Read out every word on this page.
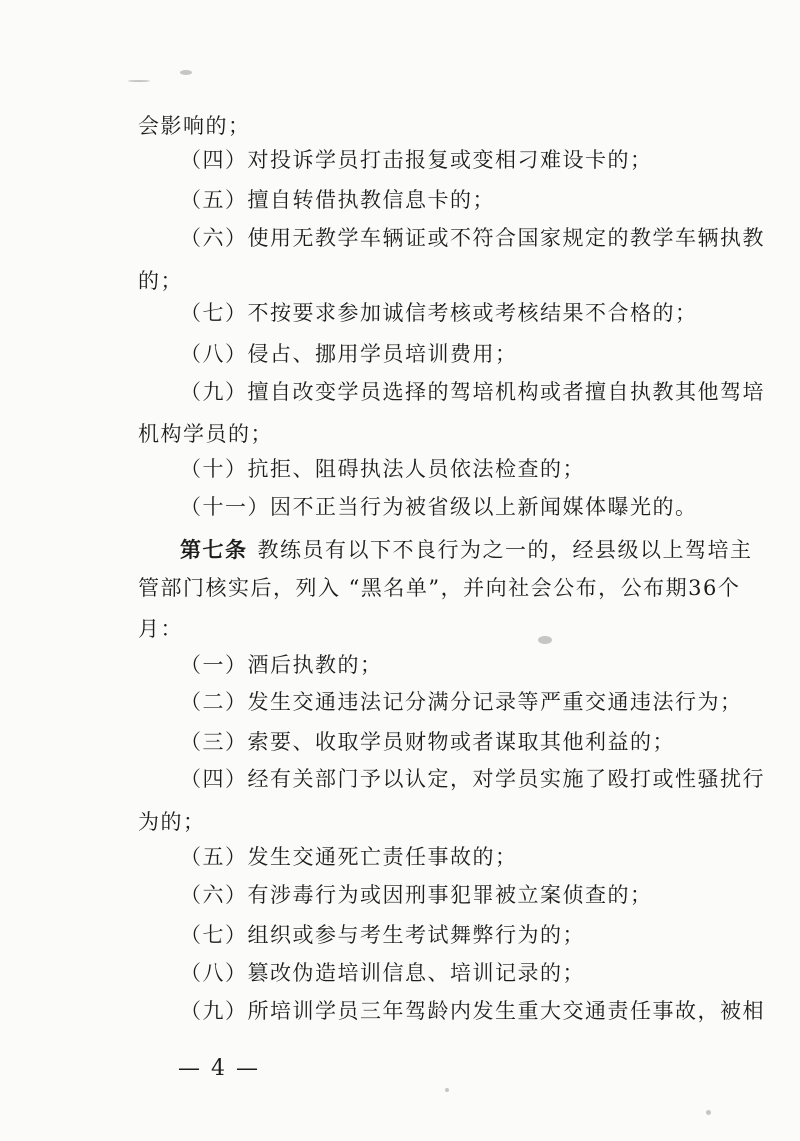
会影响的；
（四）对投诉学员打击报复或变相刁难设卡的；
（五）擅自转借执教信息卡的；
（六）使用无教学车辆证或不符合国家规定的教学车辆执教
的；
（七）不按要求参加诚信考核或考核结果不合格的；
（八）侵占、挪用学员培训费用；
（九）擅自改变学员选择的驾培机构或者擅自执教其他驾培
机构学员的；
（十）抗拒、阻碍执法人员依法检查的；
（十一）因不正当行为被省级以上新闻媒体曝光的。
第七条 教练员有以下不良行为之一的，经县级以上驾培主
管部门核实后，列入 “黑名单”，并向社会公布，公布期36个
月：
（一）酒后执教的；
（二）发生交通违法记分满分记录等严重交通违法行为；
（三）索要、收取学员财物或者谋取其他利益的；
（四）经有关部门予以认定，对学员实施了殴打或性骚扰行
为的；
（五）发生交通死亡责任事故的；
（六）有涉毒行为或因刑事犯罪被立案侦查的；
（七）组织或参与考生考试舞弊行为的；
（八）篡改伪造培训信息、培训记录的；
（九）所培训学员三年驾龄内发生重大交通责任事故，被相
— 4 —
